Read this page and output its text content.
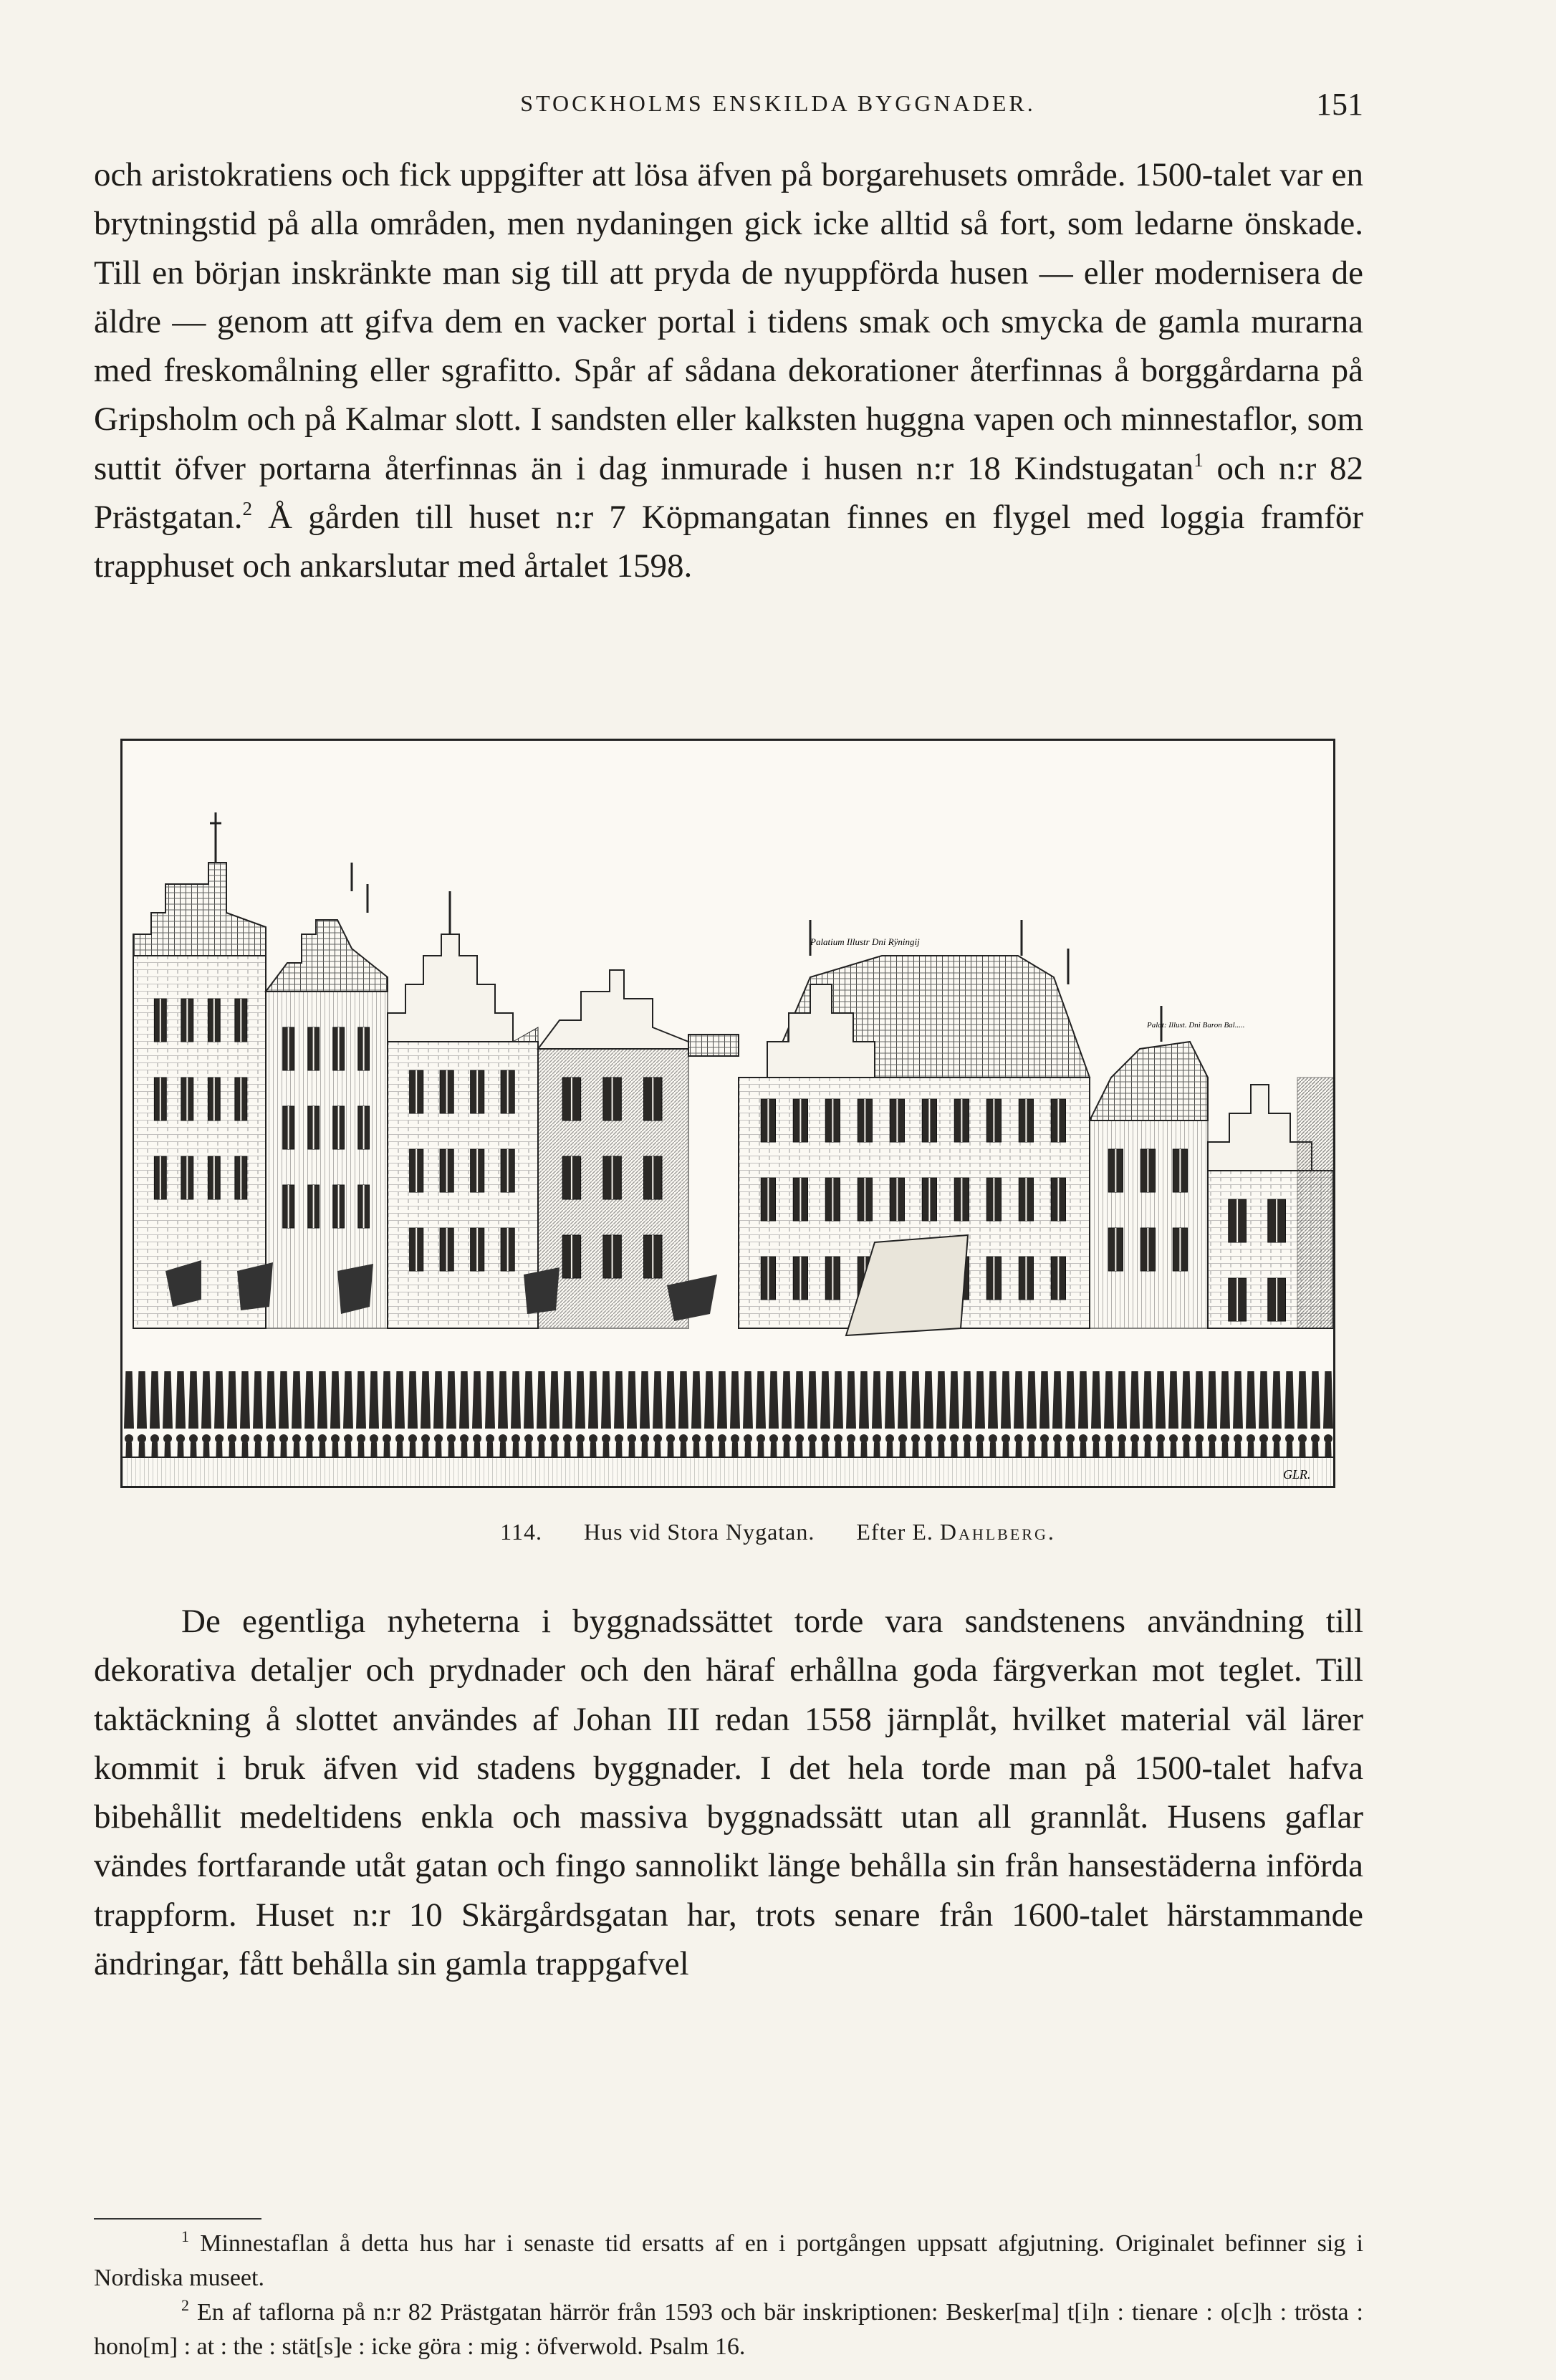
STOCKHOLMS ENSKILDA BYGGNADER.	151

och aristokratiens och fick uppgifter att lösa äfven på borgarehusets område. 1500-talet var en brytningstid på alla områden, men nydaningen gick icke alltid så fort, som ledarne önskade. Till en början inskränkte man sig till att pryda de nyuppförda husen — eller modernisera de äldre — genom att gifva dem en vacker portal i tidens smak och smycka de gamla murarna med freskomålning eller sgrafitto. Spår af sådana dekorationer återfinnas å borggårdarna på Gripsholm och på Kalmar slott. I sandsten eller kalksten huggna vapen och minnestaflor, som suttit öfver portarna återfinnas än i dag inmurade i husen n:r 18 Kindstugatan$^1$ och n:r 82 Prästgatan.$^2$ Å gården till huset n:r 7 Köpmangatan finnes en flygel med loggia framför trapphuset och ankarslutar med årtalet 1598.

Palatium Illustr Dni Rÿningij
Palat: Illust. Dni Baron Bal.....
GLR.
114. Hus vid Stora Nygatan. Efter E. Dahlberg.

De egentliga nyheterna i byggnadssättet torde vara sandstenens användning till dekorativa detaljer och prydnader och den häraf erhållna goda färgverkan mot teglet. Till taktäckning å slottet användes af Johan III redan 1558 järnplåt, hvilket material väl lärer kommit i bruk äfven vid stadens byggnader. I det hela torde man på 1500-talet hafva bibehållit medeltidens enkla och massiva byggnadssätt utan all grannlåt. Husens gaflar vändes fortfarande utåt gatan och fingo sannolikt länge behålla sin från hansestäderna införda trappform. Huset n:r 10 Skärgårdsgatan har, trots senare från 1600-talet härstammande ändringar, fått behålla sin gamla trappgafvel

$^1$ Minnestaflan å detta hus har i senaste tid ersatts af en i portgången uppsatt afgjutning. Originalet befinner sig i Nordiska museet.

$^2$ En af taflorna på n:r 82 Prästgatan härrör från 1593 och bär inskriptionen: Besker[ma] t[i]n : tienare : o[c]h : trösta : hono[m] : at : the : stät[s]e : icke göra : mig : öfverwold. Psalm 16.
